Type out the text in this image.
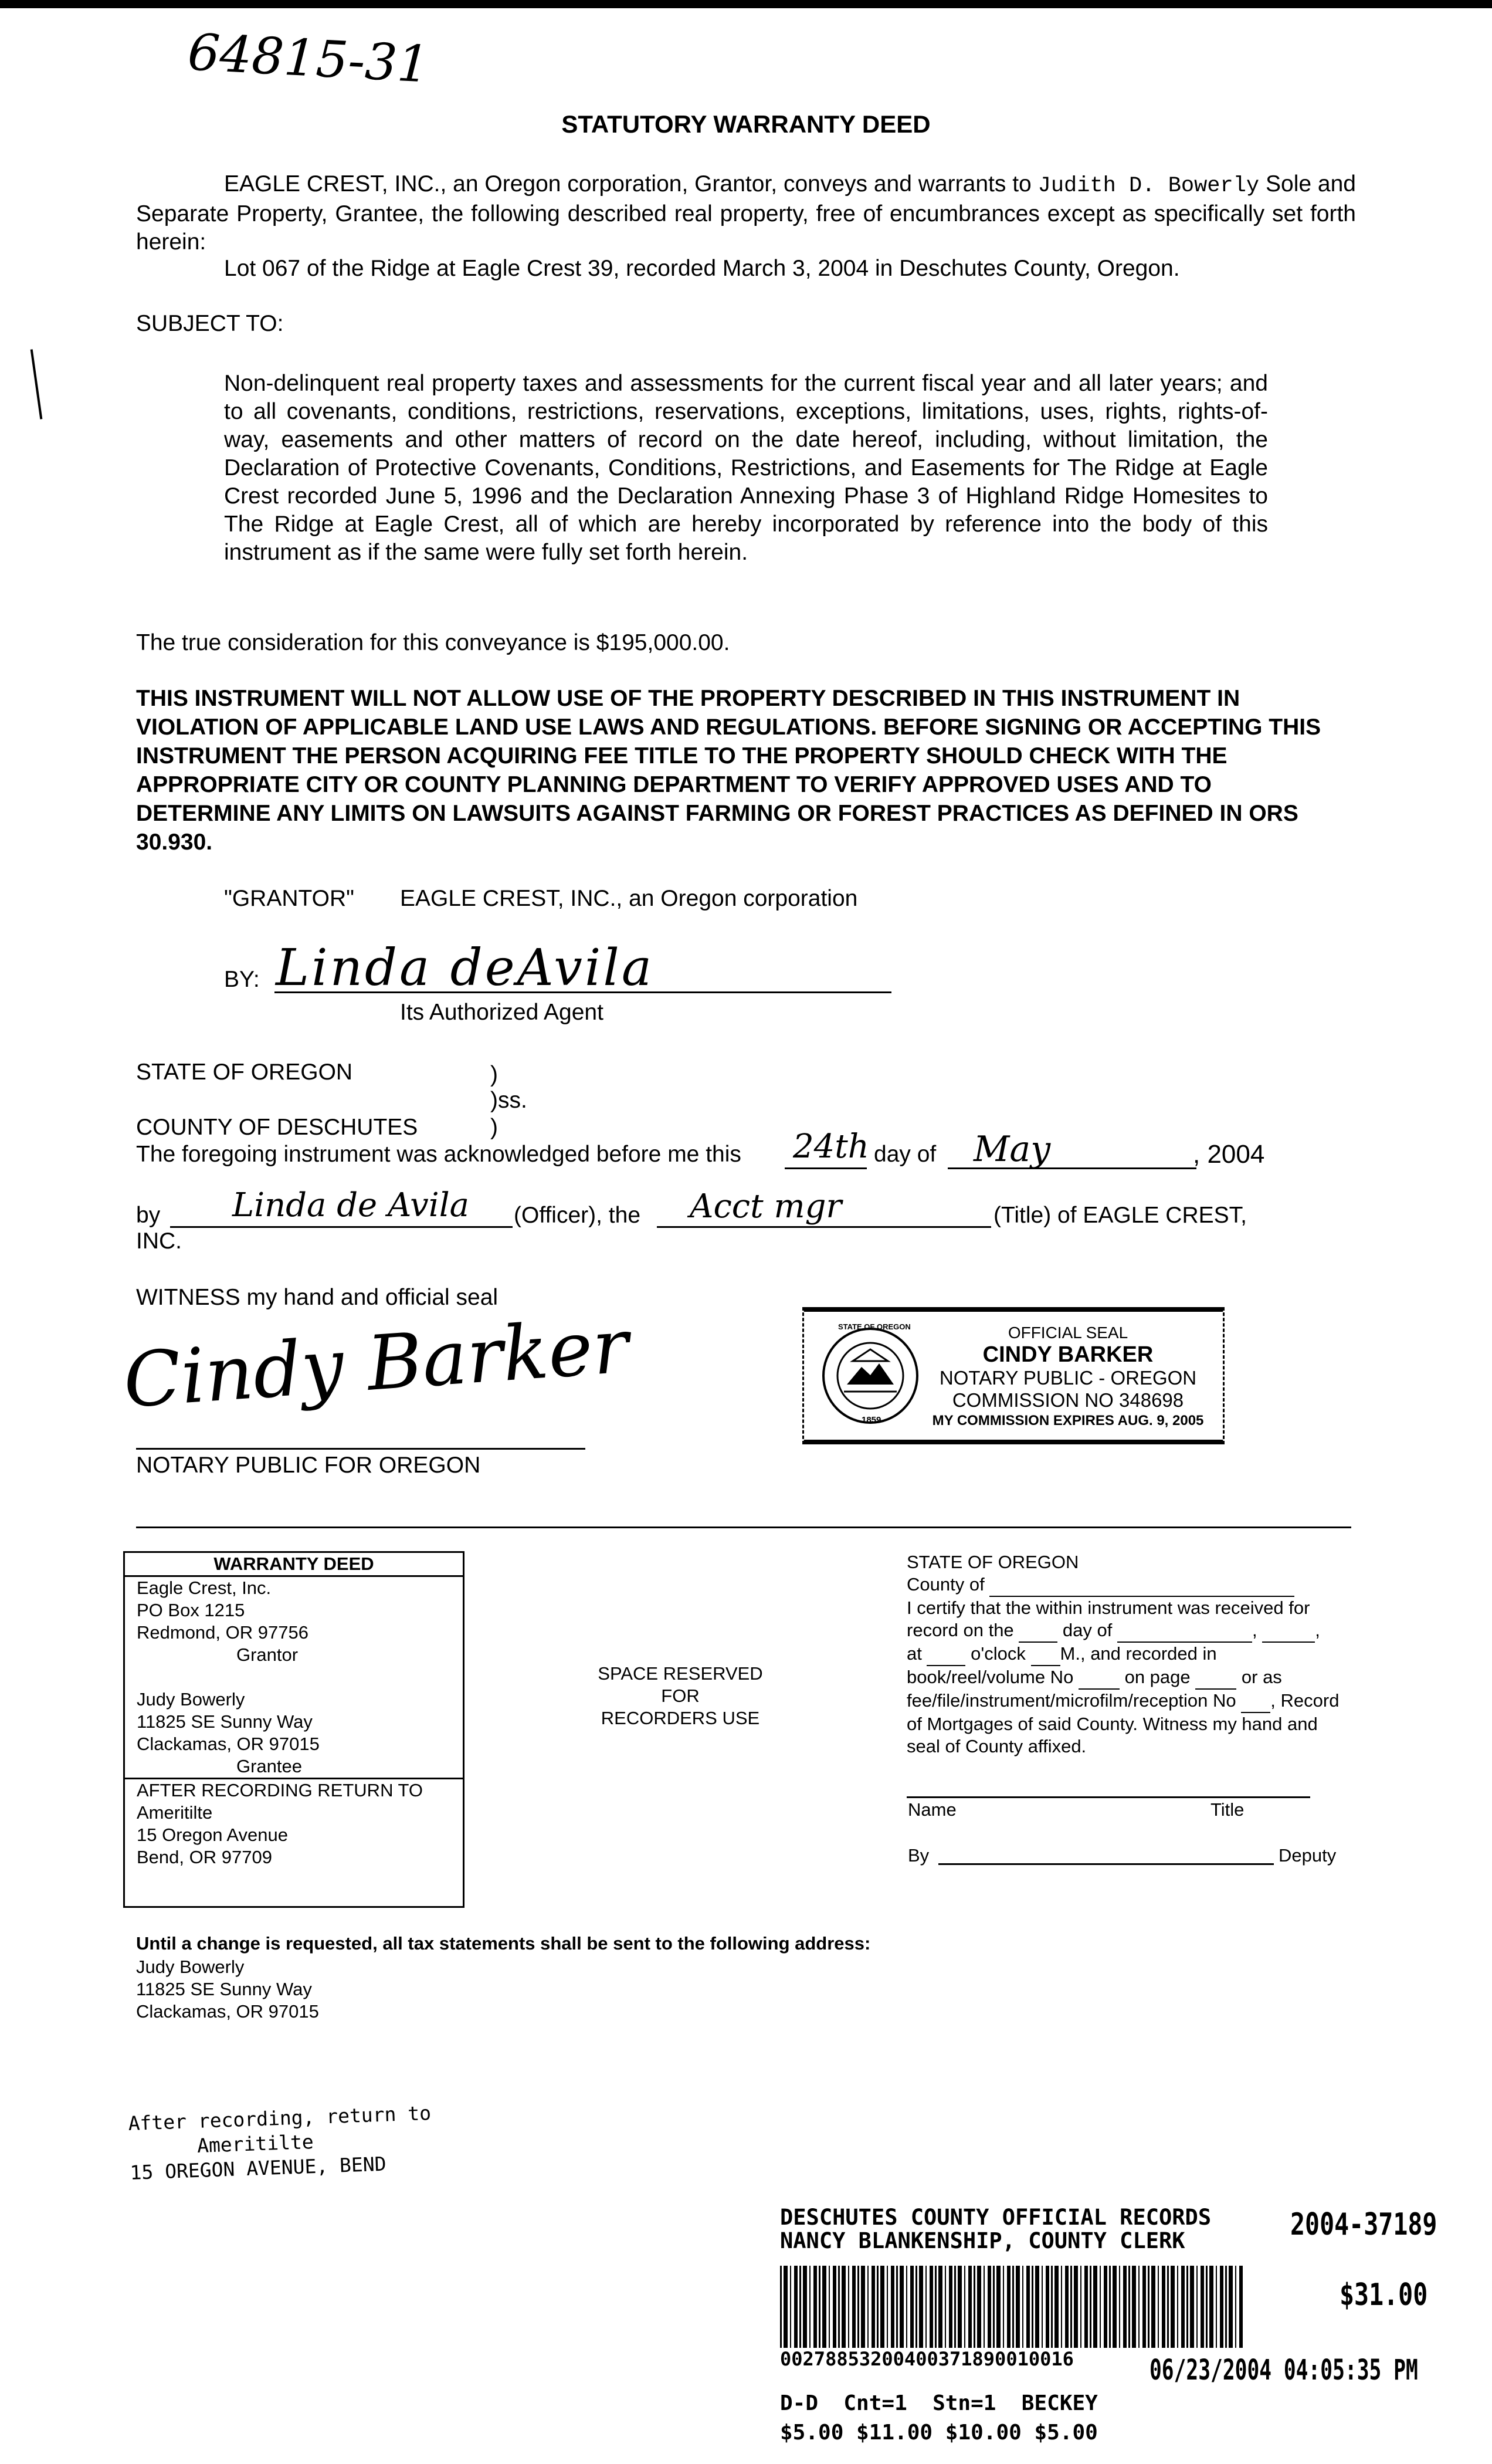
64815-31
STATUTORY WARRANTY DEED
EAGLE CREST, INC., an Oregon corporation, Grantor, conveys and warrants to Judith D. Bowerly Sole and Separate Property, Grantee, the following described real property, free of encumbrances except as specifically set forth herein:
Lot 067 of the Ridge at Eagle Crest 39, recorded March 3, 2004 in Deschutes County, Oregon.
SUBJECT TO:
Non-delinquent real property taxes and assessments for the current fiscal year and all later years; and to all covenants, conditions, restrictions, reservations, exceptions, limitations, uses, rights, rights-of-way, easements and other matters of record on the date hereof, including, without limitation, the Declaration of Protective Covenants, Conditions, Restrictions, and Easements for The Ridge at Eagle Crest recorded June 5, 1996 and the Declaration Annexing Phase 3 of Highland Ridge Homesites to The Ridge at Eagle Crest, all of which are hereby incorporated by reference into the body of this instrument as if the same were fully set forth herein.
The true consideration for this conveyance is $195,000.00.
THIS INSTRUMENT WILL NOT ALLOW USE OF THE PROPERTY DESCRIBED IN THIS INSTRUMENT IN VIOLATION OF APPLICABLE LAND USE LAWS AND REGULATIONS. BEFORE SIGNING OR ACCEPTING THIS INSTRUMENT THE PERSON ACQUIRING FEE TITLE TO THE PROPERTY SHOULD CHECK WITH THE APPROPRIATE CITY OR COUNTY PLANNING DEPARTMENT TO VERIFY APPROVED USES AND TO DETERMINE ANY LIMITS ON LAWSUITS AGAINST FARMING OR FOREST PRACTICES AS DEFINED IN ORS 30.930.
"GRANTOR" EAGLE CREST, INC., an Oregon corporation
BY: Linda deAvila
Its Authorized Agent
STATE OF OREGON	)
)ss.
COUNTY OF DESCHUTES	)
The foregoing instrument was acknowledged before me this 24th day of May	, 2004
by Linda de Avila (Officer), the Acct mgr	(Title) of EAGLE CREST,
INC.
WITNESS my hand and official seal
Cindy Barker
NOTARY PUBLIC FOR OREGON
STATE OF OREGON
1859
OFFICIAL SEAL
CINDY BARKER
NOTARY PUBLIC - OREGON
COMMISSION NO 348698
MY COMMISSION EXPIRES AUG. 9, 2005
WARRANTY DEED
Eagle Crest, Inc.
PO Box 1215
Redmond, OR 97756
Grantor
Judy Bowerly
11825 SE Sunny Way
Clackamas, OR 97015
Grantee
AFTER RECORDING RETURN TO
Ameritilte
15 Oregon Avenue
Bend, OR 97709
SPACE RESERVED
FOR
RECORDERS USE
STATE OF OREGON
County of
I certify that the within instrument was received for
record on the	day of	,	,
at	o'clock M., and recorded in
book/reel/volume No	on page	or as
fee/file/instrument/microfilm/reception No , Record
of Mortgages of said County. Witness my hand and
seal of County affixed.
Name	Title
By	Deputy
Until a change is requested, all tax statements shall be sent to the following address:
Judy Bowerly
11825 SE Sunny Way
Clackamas, OR 97015
After recording, return to
Ameritilte
15 OREGON AVENUE, BEND
DESCHUTES COUNTY OFFICIAL RECORDS
NANCY BLANKENSHIP, COUNTY CLERK	2004-37189
$31.00
00278853200400371890010016	06/23/2004 04:05:35 PM
D-D  Cnt=1  Stn=1  BECKEY
$5.00 $11.00 $10.00 $5.00
